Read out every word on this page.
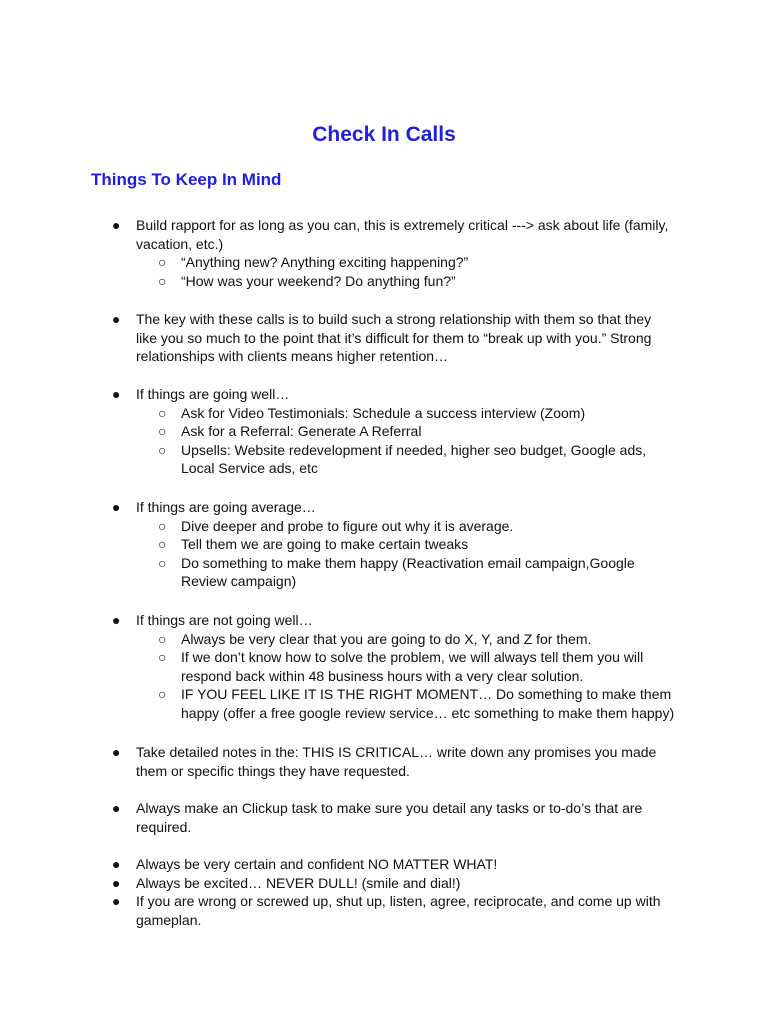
Check In Calls
Things To Keep In Mind
● Build rapport for as long as you can, this is extremely critical ---> ask about life (family, vacation, etc.)
○ “Anything new? Anything exciting happening?”
○ “How was your weekend? Do anything fun?”
● The key with these calls is to build such a strong relationship with them so that they like you so much to the point that it’s difficult for them to “break up with you.” Strong relationships with clients means higher retention…
● If things are going well…
○ Ask for Video Testimonials: Schedule a success interview (Zoom)
○ Ask for a Referral: Generate A Referral
○ Upsells: Website redevelopment if needed, higher seo budget, Google ads, Local Service ads, etc
● If things are going average…
○ Dive deeper and probe to figure out why it is average.
○ Tell them we are going to make certain tweaks
○ Do something to make them happy (Reactivation email campaign,Google Review campaign)
● If things are not going well…
○ Always be very clear that you are going to do X, Y, and Z for them.
○ If we don’t know how to solve the problem, we will always tell them you will respond back within 48 business hours with a very clear solution.
○ IF YOU FEEL LIKE IT IS THE RIGHT MOMENT… Do something to make them happy (offer a free google review service… etc something to make them happy)
● Take detailed notes in the: THIS IS CRITICAL… write down any promises you made them or specific things they have requested.
● Always make an Clickup task to make sure you detail any tasks or to-do’s that are required.
● Always be very certain and confident NO MATTER WHAT!
● Always be excited… NEVER DULL! (smile and dial!)
● If you are wrong or screwed up, shut up, listen, agree, reciprocate, and come up with gameplan.
